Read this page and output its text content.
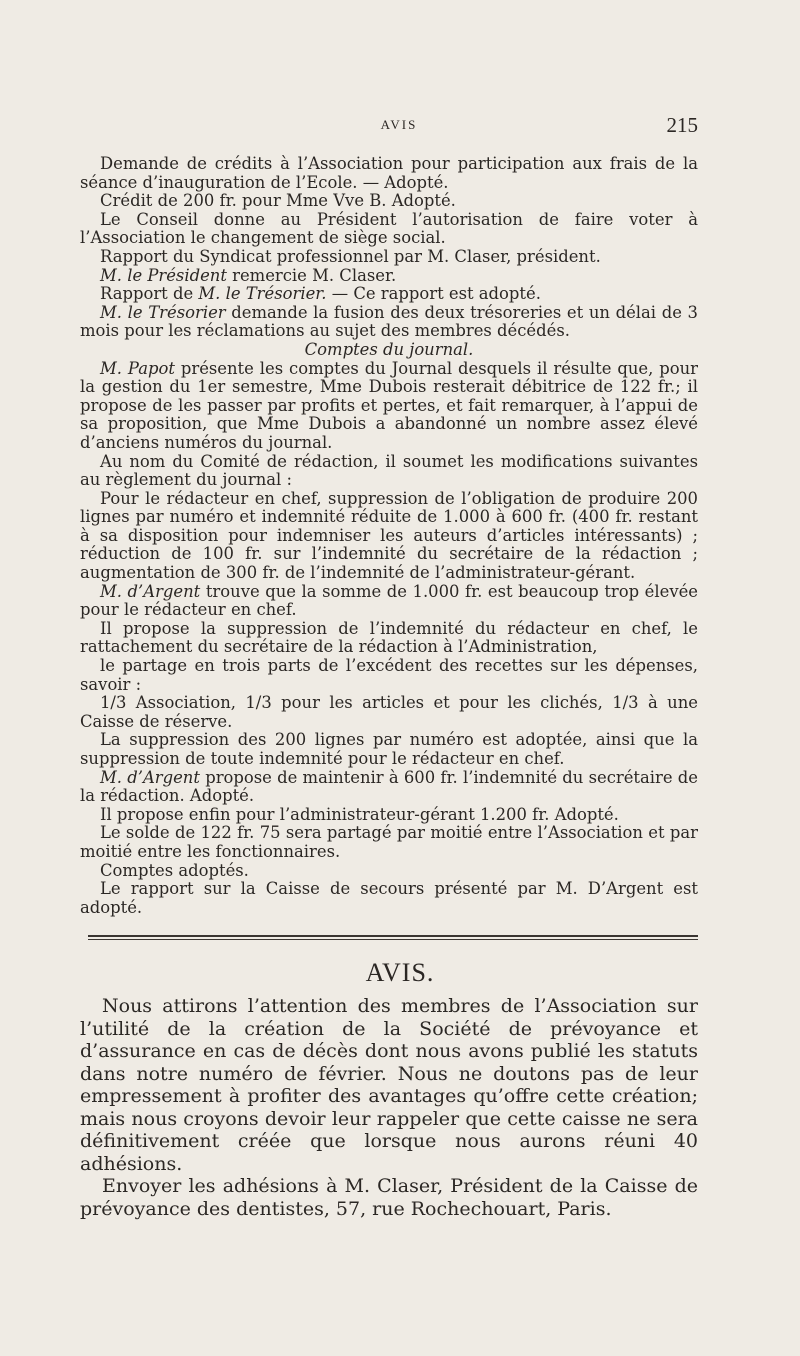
AVIS	215

Demande de crédits à l’Association pour participation aux frais de la séance d’inauguration de l’Ecole. — Adopté.

Crédit de 200 fr. pour Mme Vve B. Adopté.

Le Conseil donne au Président l’autorisation de faire voter à l’Association le changement de siège social.

Rapport du Syndicat professionnel par M. Claser, président.

M. le Président remercie M. Claser.

Rapport de M. le Trésorier. — Ce rapport est adopté.

M. le Trésorier demande la fusion des deux trésoreries et un délai de 3 mois pour les réclamations au sujet des membres décédés.

Comptes du journal.

M. Papot présente les comptes du Journal desquels il résulte que, pour la gestion du 1er semestre, Mme Dubois resterait débitrice de 122 fr.; il propose de les passer par profits et pertes, et fait remarquer, à l’appui de sa proposition, que Mme Dubois a abandonné un nombre assez élevé d’anciens numéros du journal.

Au nom du Comité de rédaction, il soumet les modifications suivantes au règlement du journal :

Pour le rédacteur en chef, suppression de l’obligation de produire 200 lignes par numéro et indemnité réduite de 1.000 à 600 fr. (400 fr. restant à sa disposition pour indemniser les auteurs d’articles intéressants) ; réduction de 100 fr. sur l’indemnité du secrétaire de la rédaction ; augmentation de 300 fr. de l’indemnité de l’administrateur-gérant.

M. d’Argent trouve que la somme de 1.000 fr. est beaucoup trop élevée pour le rédacteur en chef.

Il propose la suppression de l’indemnité du rédacteur en chef, le rattachement du secrétaire de la rédaction à l’Administration,

le partage en trois parts de l’excédent des recettes sur les dépenses, savoir :

1/3 Association, 1/3 pour les articles et pour les clichés, 1/3 à une Caisse de réserve.

La suppression des 200 lignes par numéro est adoptée, ainsi que la suppression de toute indemnité pour le rédacteur en chef.

M. d’Argent propose de maintenir à 600 fr. l’indemnité du secrétaire de la rédaction. Adopté.

Il propose enfin pour l’administrateur-gérant 1.200 fr. Adopté.

Le solde de 122 fr. 75 sera partagé par moitié entre l’Association et par moitié entre les fonctionnaires.

Comptes adoptés.

Le rapport sur la Caisse de secours présenté par M. D’Argent est adopté.

AVIS.

Nous attirons l’attention des membres de l’Association sur l’utilité de la création de la Société de prévoyance et d’assurance en cas de décès dont nous avons publié les statuts dans notre numéro de février. Nous ne doutons pas de leur empressement à profiter des avantages qu’offre cette création; mais nous croyons devoir leur rappeler que cette caisse ne sera définitivement créée que lorsque nous aurons réuni 40 adhésions.

Envoyer les adhésions à M. Claser, Président de la Caisse de prévoyance des dentistes, 57, rue Rochechouart, Paris.
